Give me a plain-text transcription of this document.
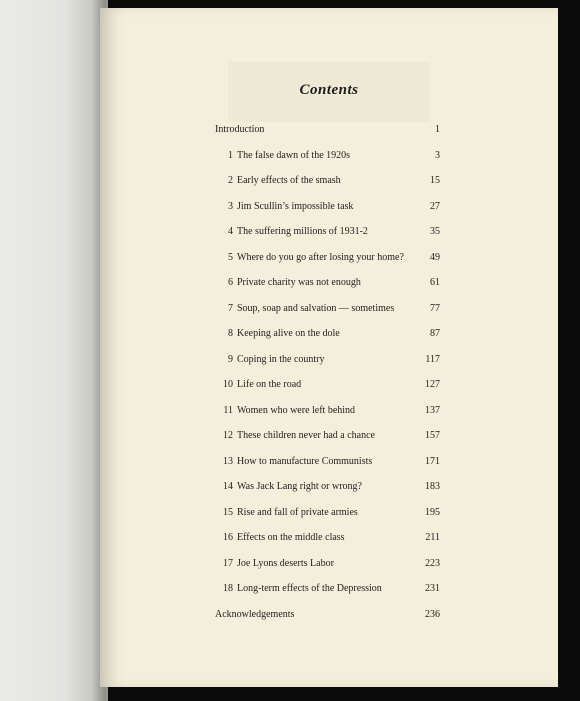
Contents
Introduction	1
1 The false dawn of the 1920s	3
2 Early effects of the smash	15
3 Jim Scullin’s impossible task	27
4 The suffering millions of 1931-2	35
5 Where do you go after losing your home?	49
6 Private charity was not enough	61
7 Soup, soap and salvation — sometimes	77
8 Keeping alive on the dole	87
9 Coping in the country	117
10 Life on the road	127
11 Women who were left behind	137
12 These children never had a chance	157
13 How to manufacture Communists	171
14 Was Jack Lang right or wrong?	183
15 Rise and fall of private armies	195
16 Effects on the middle class	211
17 Joe Lyons deserts Labor	223
18 Long-term effects of the Depression	231
Acknowledgements	236
